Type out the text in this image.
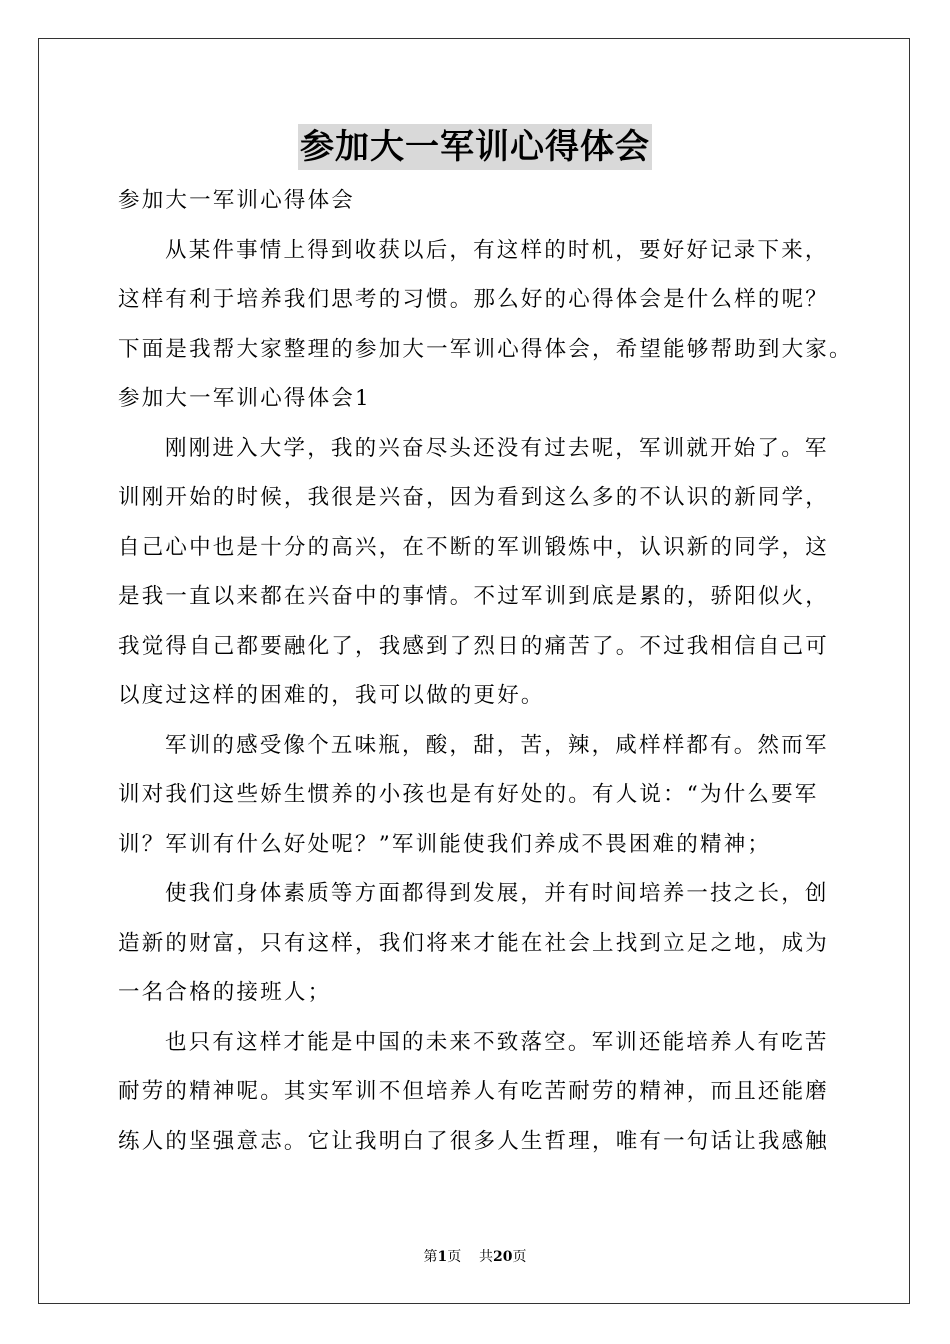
参加大一军训心得体会
参加大一军训心得体会
从某件事情上得到收获以后，有这样的时机，要好好记录下来，
这样有利于培养我们思考的习惯。那么好的心得体会是什么样的呢？
下面是我帮大家整理的参加大一军训心得体会，希望能够帮助到大家。
参加大一军训心得体会1
刚刚进入大学，我的兴奋尽头还没有过去呢，军训就开始了。军
训刚开始的时候，我很是兴奋，因为看到这么多的不认识的新同学，
自己心中也是十分的高兴，在不断的军训锻炼中，认识新的同学，这
是我一直以来都在兴奋中的事情。不过军训到底是累的，骄阳似火，
我觉得自己都要融化了，我感到了烈日的痛苦了。不过我相信自己可
以度过这样的困难的，我可以做的更好。
军训的感受像个五味瓶，酸，甜，苦，辣，咸样样都有。然而军
训对我们这些娇生惯养的小孩也是有好处的。有人说：“为什么要军
训？军训有什么好处呢？”军训能使我们养成不畏困难的精神；
使我们身体素质等方面都得到发展，并有时间培养一技之长，创
造新的财富，只有这样，我们将来才能在社会上找到立足之地，成为
一名合格的接班人；
也只有这样才能是中国的未来不致落空。军训还能培养人有吃苦
耐劳的精神呢。其实军训不但培养人有吃苦耐劳的精神，而且还能磨
练人的坚强意志。它让我明白了很多人生哲理，唯有一句话让我感触
第1页 共20页
